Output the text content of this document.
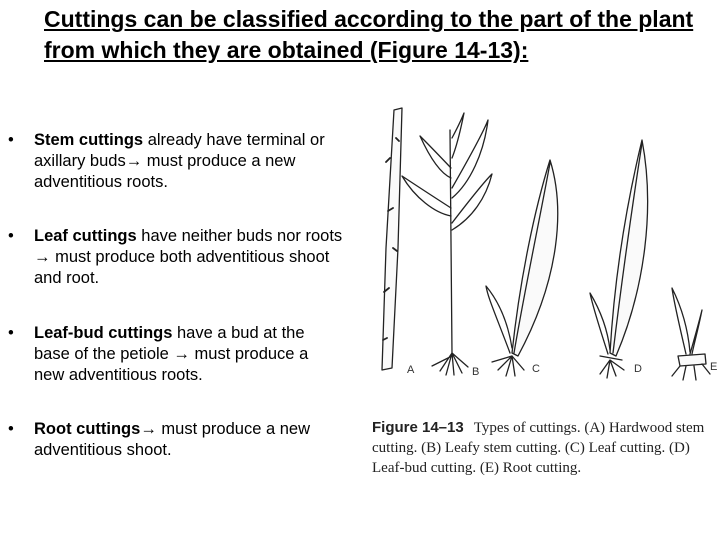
Cuttings can be classified according to the part of the plant from which they are obtained (Figure 14-13):
•	Stem cuttings already have terminal or axillary buds→ must produce a new adventitious roots.
•	Leaf cuttings have neither buds nor roots → must produce both adventitious shoot and root.
•	Leaf-bud cuttings have a bud at the base of the petiole → must produce a new adventitious roots.
•	Root cuttings→ must produce a new adventitious shoot.
A	B	C	D	E
Figure 14–13 Types of cuttings. (A) Hardwood stem cutting. (B) Leafy stem cutting. (C) Leaf cutting. (D) Leaf-bud cutting. (E) Root cutting.
